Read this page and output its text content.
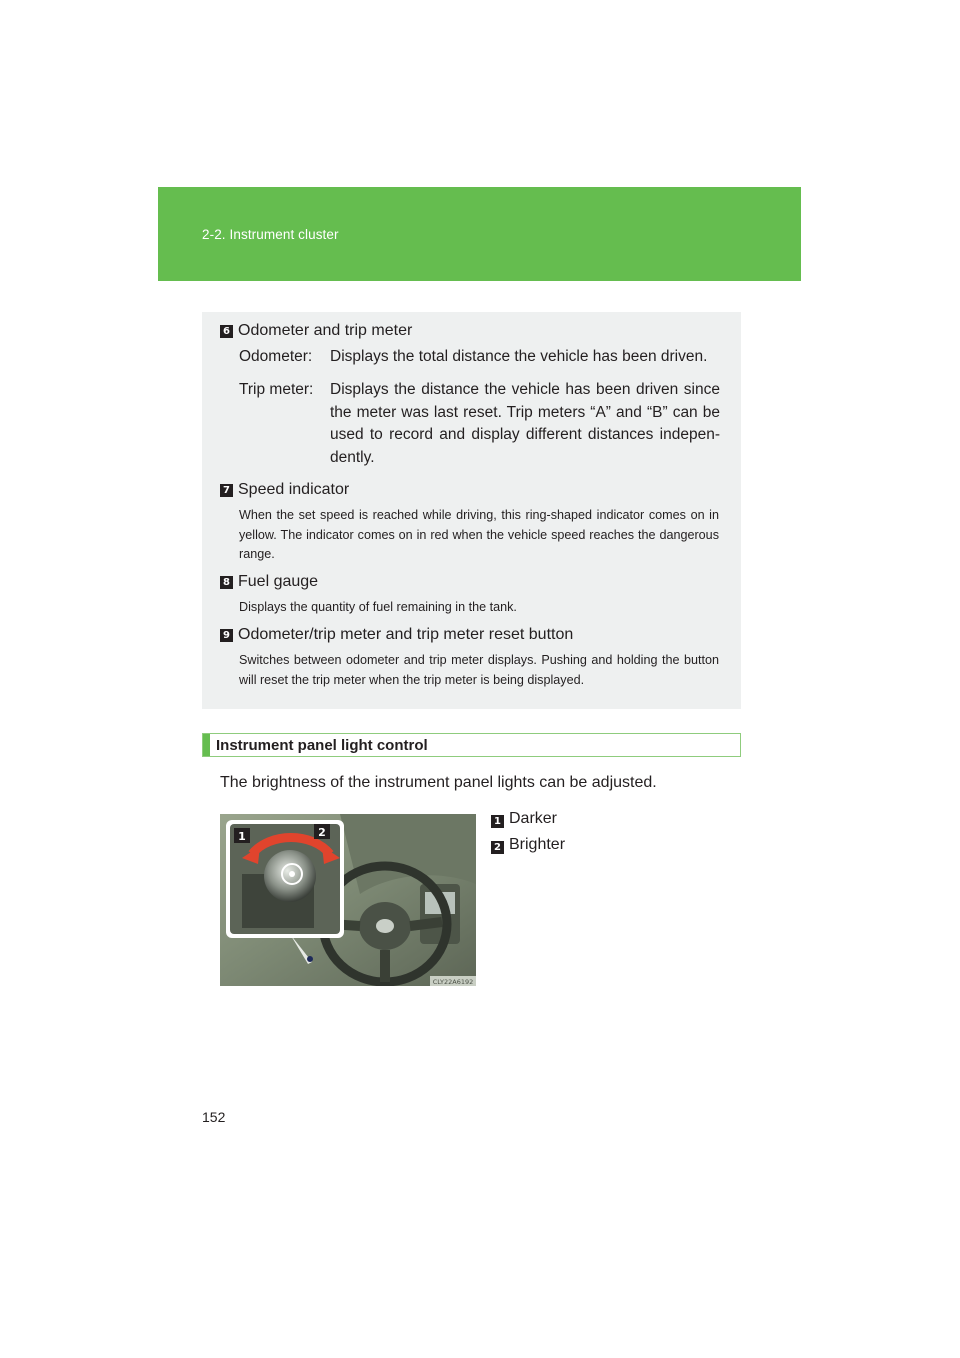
2-2. Instrument cluster
6 Odometer and trip meter
Odometer: Displays the total distance the vehicle has been driven.
Trip meter: Displays the distance the vehicle has been driven since the meter was last reset. Trip meters “A” and “B” can be used to record and display different distances indepen-dently.
7 Speed indicator
When the set speed is reached while driving, this ring-shaped indicator comes on in yellow. The indicator comes on in red when the vehicle speed reaches the dangerous range.
8 Fuel gauge
Displays the quantity of fuel remaining in the tank.
9 Odometer/trip meter and trip meter reset button
Switches between odometer and trip meter displays. Pushing and holding the button will reset the trip meter when the trip meter is being displayed.
Instrument panel light control
The brightness of the instrument panel lights can be adjusted.
1	2
CLY22A6192
1 Darker
2 Brighter
152
